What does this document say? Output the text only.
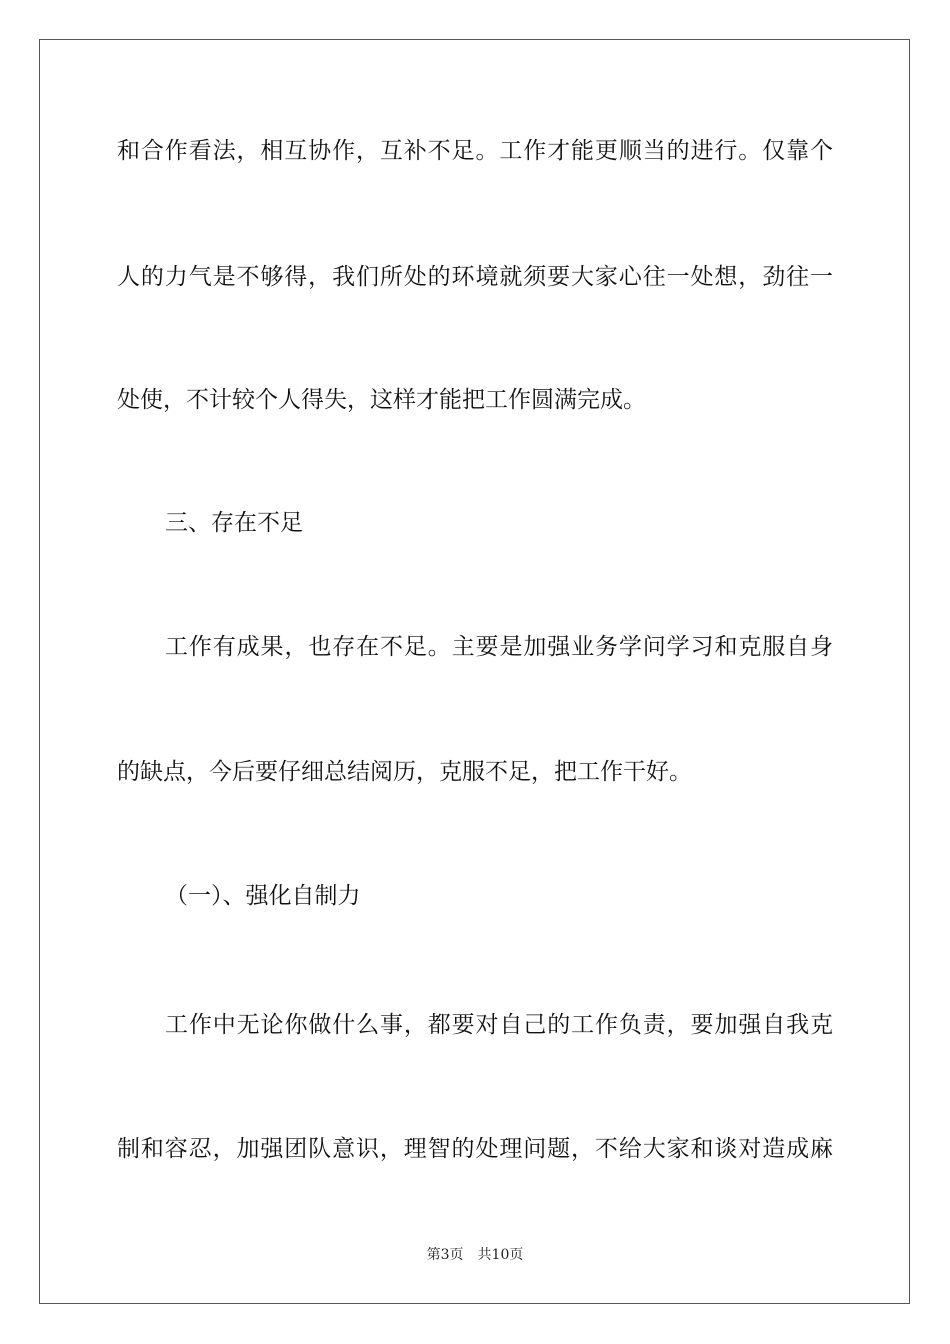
和合作看法，相互协作，互补不足。工作才能更顺当的进行。仅靠个
人的力气是不够得，我们所处的环境就须要大家心往一处想，劲往一
处使，不计较个人得失，这样才能把工作圆满完成。
三、存在不足
工作有成果，也存在不足。主要是加强业务学问学习和克服自身
的缺点，今后要仔细总结阅历，克服不足，把工作干好。
（一）、强化自制力
工作中无论你做什么事，都要对自己的工作负责，要加强自我克
制和容忍，加强团队意识，理智的处理问题，不给大家和谈对造成麻
第3页 共10页
